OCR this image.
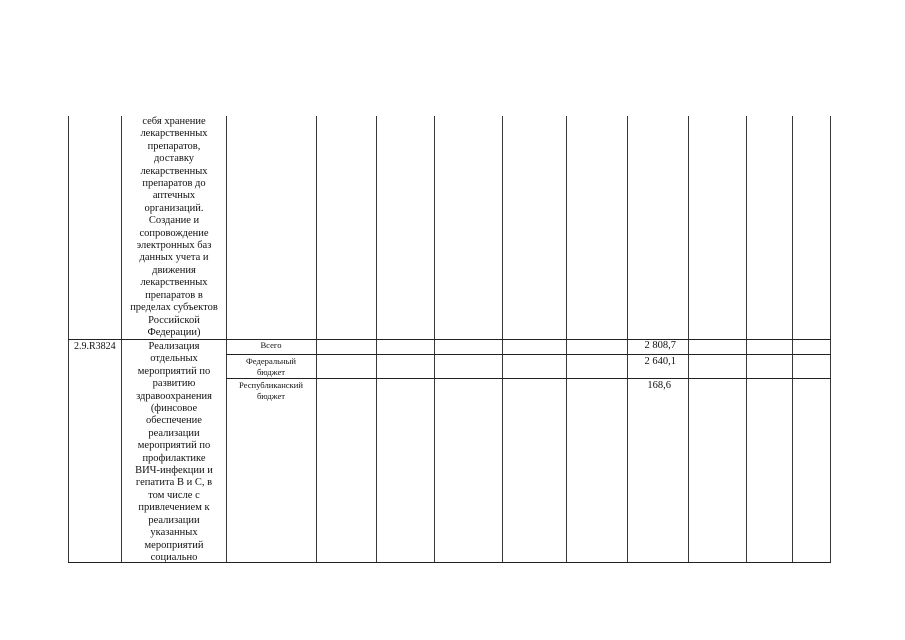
себя хранение
лекарственных
препаратов,
доставку
лекарственных
препаратов до
аптечных
организаций.
Создание и
сопровождение
электронных баз
данных учета и
движения
лекарственных
препаратов в
пределах субъектов
Российской
Федерации)
2.9.R3824	Реализация
отдельных
мероприятий по
развитию
здравоохранения
(финсовое
обеспечение
реализации
мероприятий по
профилактике
ВИЧ-инфекции и
гепатита В и С, в
том числе с
привлечением к
реализации
указанных
мероприятий
социально
Всего
Федеральный бюджет
Республиканский бюджет
2 808,7
2 640,1
168,6
